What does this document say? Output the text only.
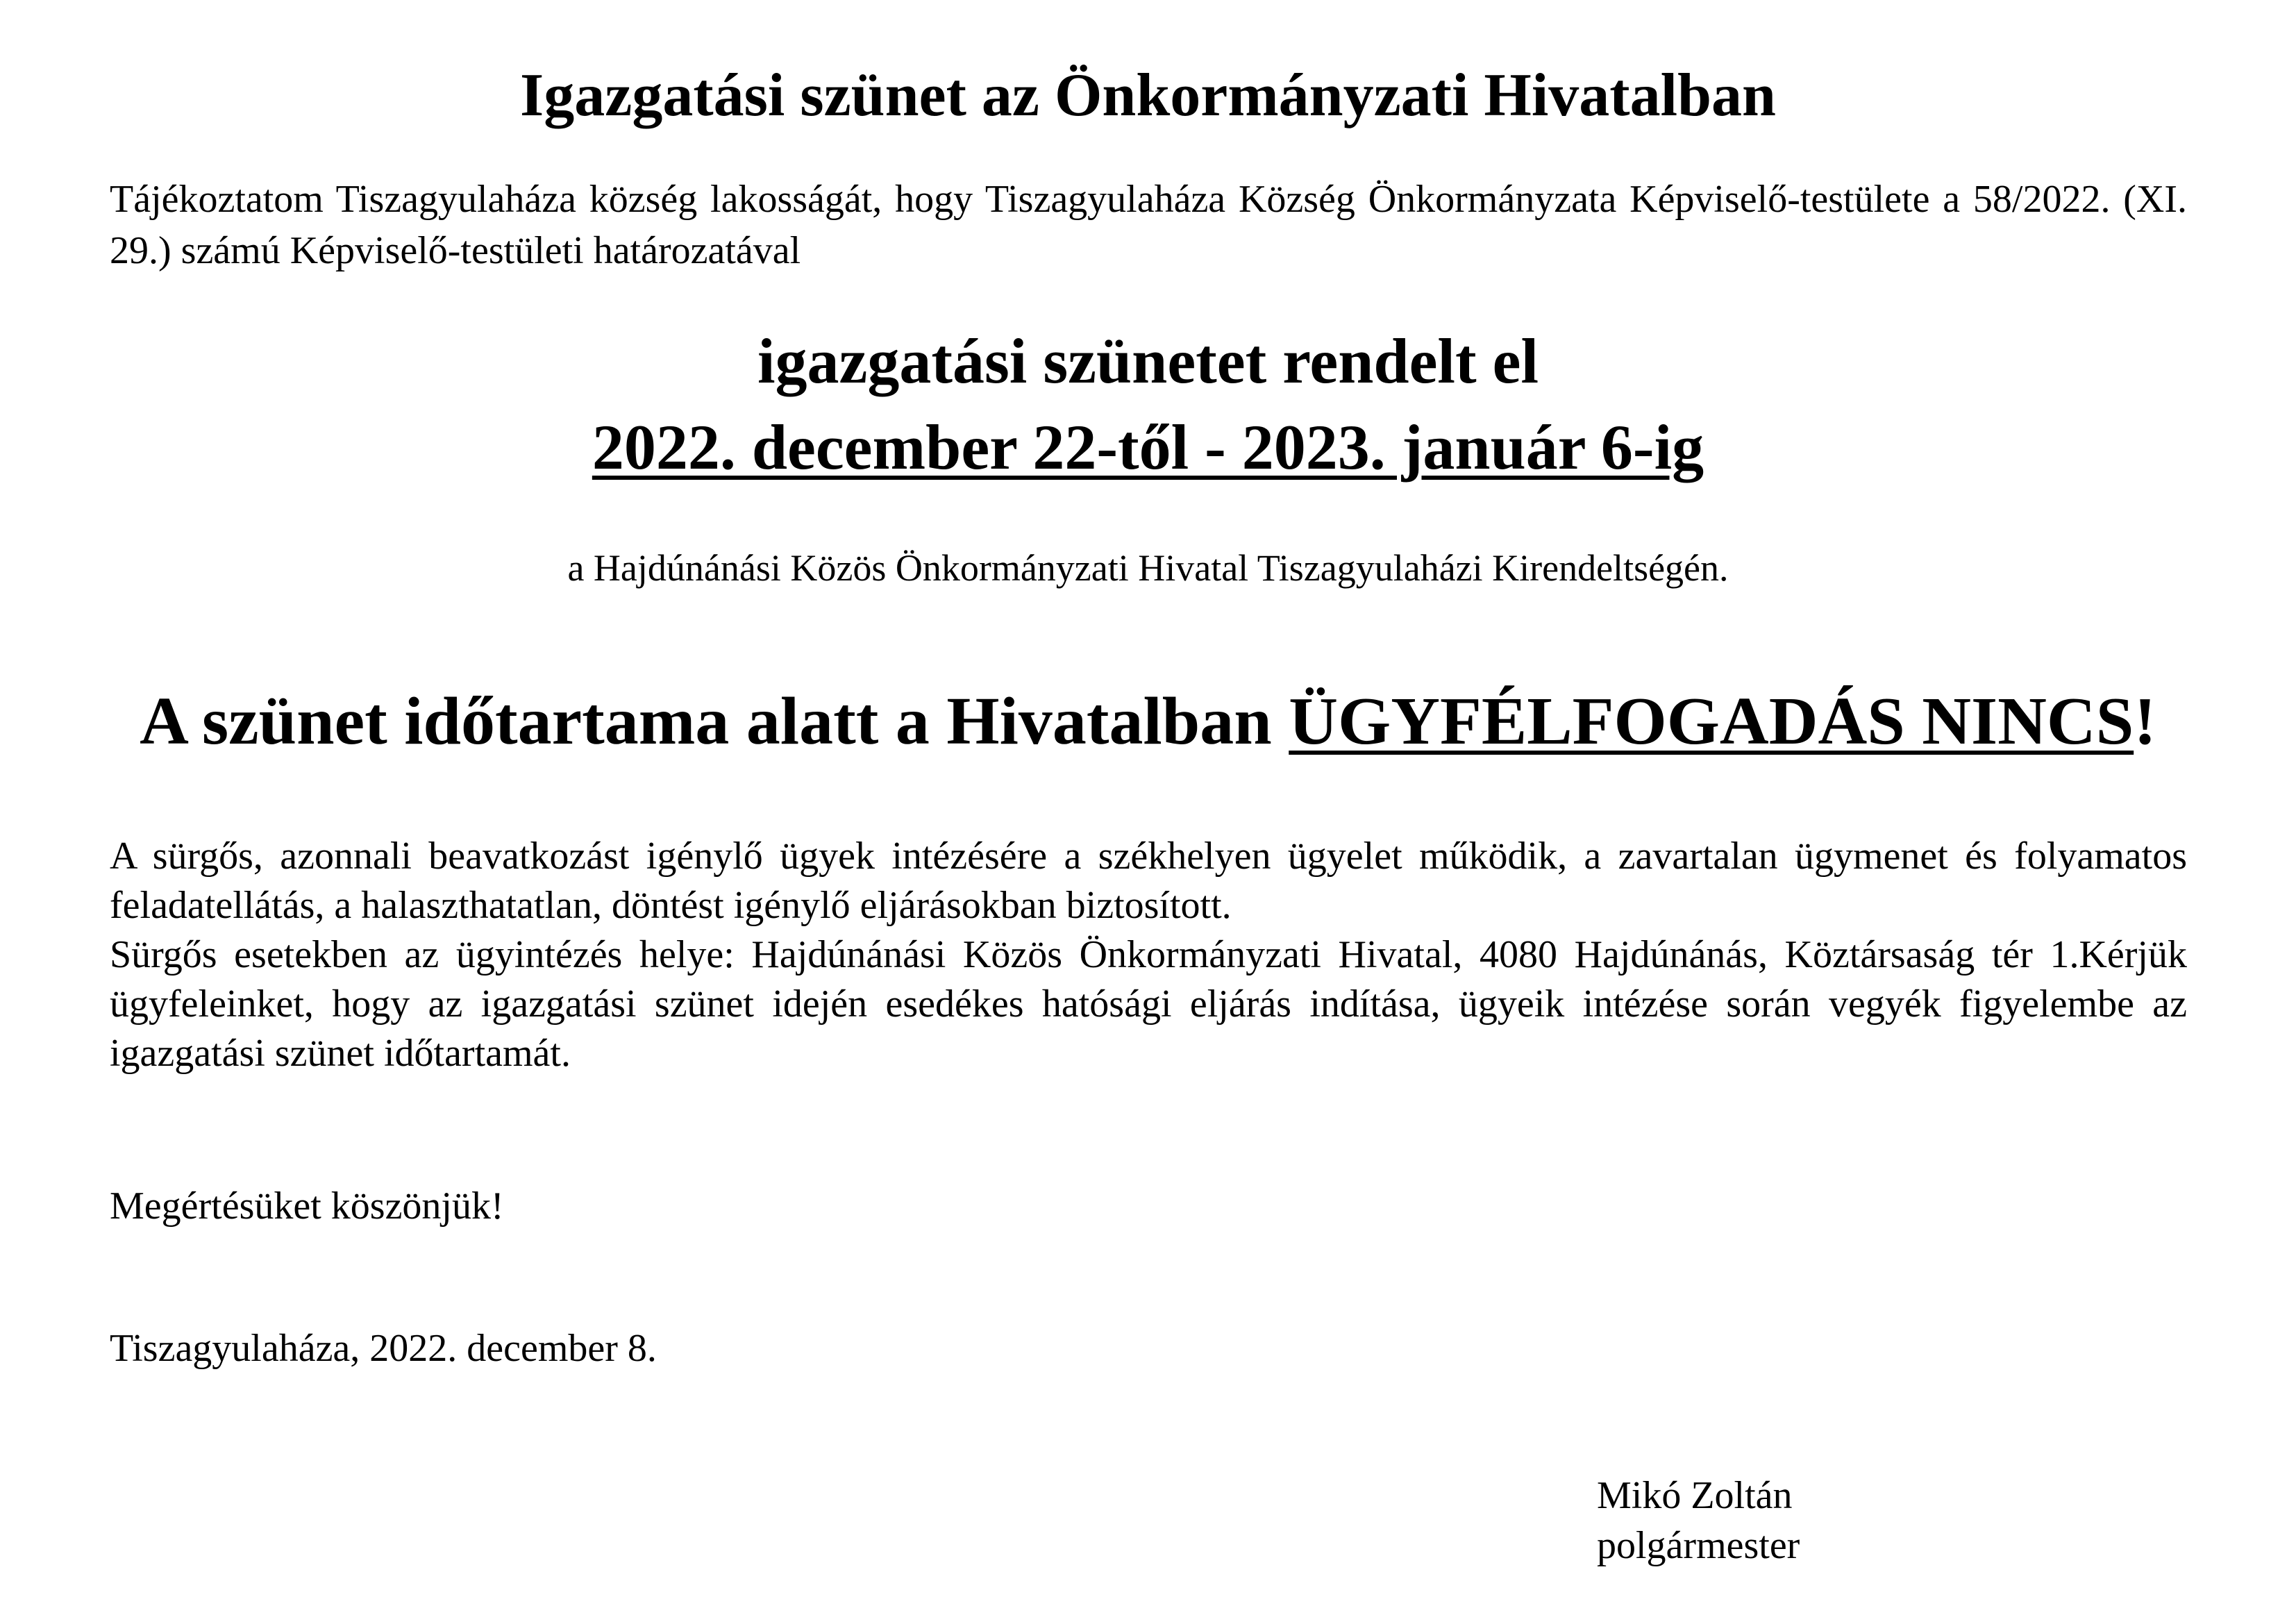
Igazgatási szünet az Önkormányzati Hivatalban

Tájékoztatom Tiszagyulaháza község lakosságát, hogy Tiszagyulaháza Község Önkormányzata Képviselő-testülete a 58/2022. (XI. 29.) számú Képviselő-testületi határozatával

igazgatási szünetet rendelt el
2022. december 22-től - 2023. január 6-ig

a Hajdúnánási Közös Önkormányzati Hivatal Tiszagyulaházi Kirendeltségén.

A szünet időtartama alatt a Hivatalban ÜGYFÉLFOGADÁS NINCS!

A sürgős, azonnali beavatkozást igénylő ügyek intézésére a székhelyen ügyelet működik, a zavartalan ügymenet és folyamatos feladatellátás, a halaszthatatlan, döntést igénylő eljárásokban biztosított.

Sürgős esetekben az ügyintézés helye: Hajdúnánási Közös Önkormányzati Hivatal, 4080 Hajdúnánás, Köztársaság tér 1.Kérjük ügyfeleinket, hogy az igazgatási szünet idején esedékes hatósági eljárás indítása, ügyeik intézése során vegyék figyelembe az igazgatási szünet időtartamát.

Megértésüket köszönjük!

Tiszagyulaháza, 2022. december 8.

Mikó Zoltán
polgármester
